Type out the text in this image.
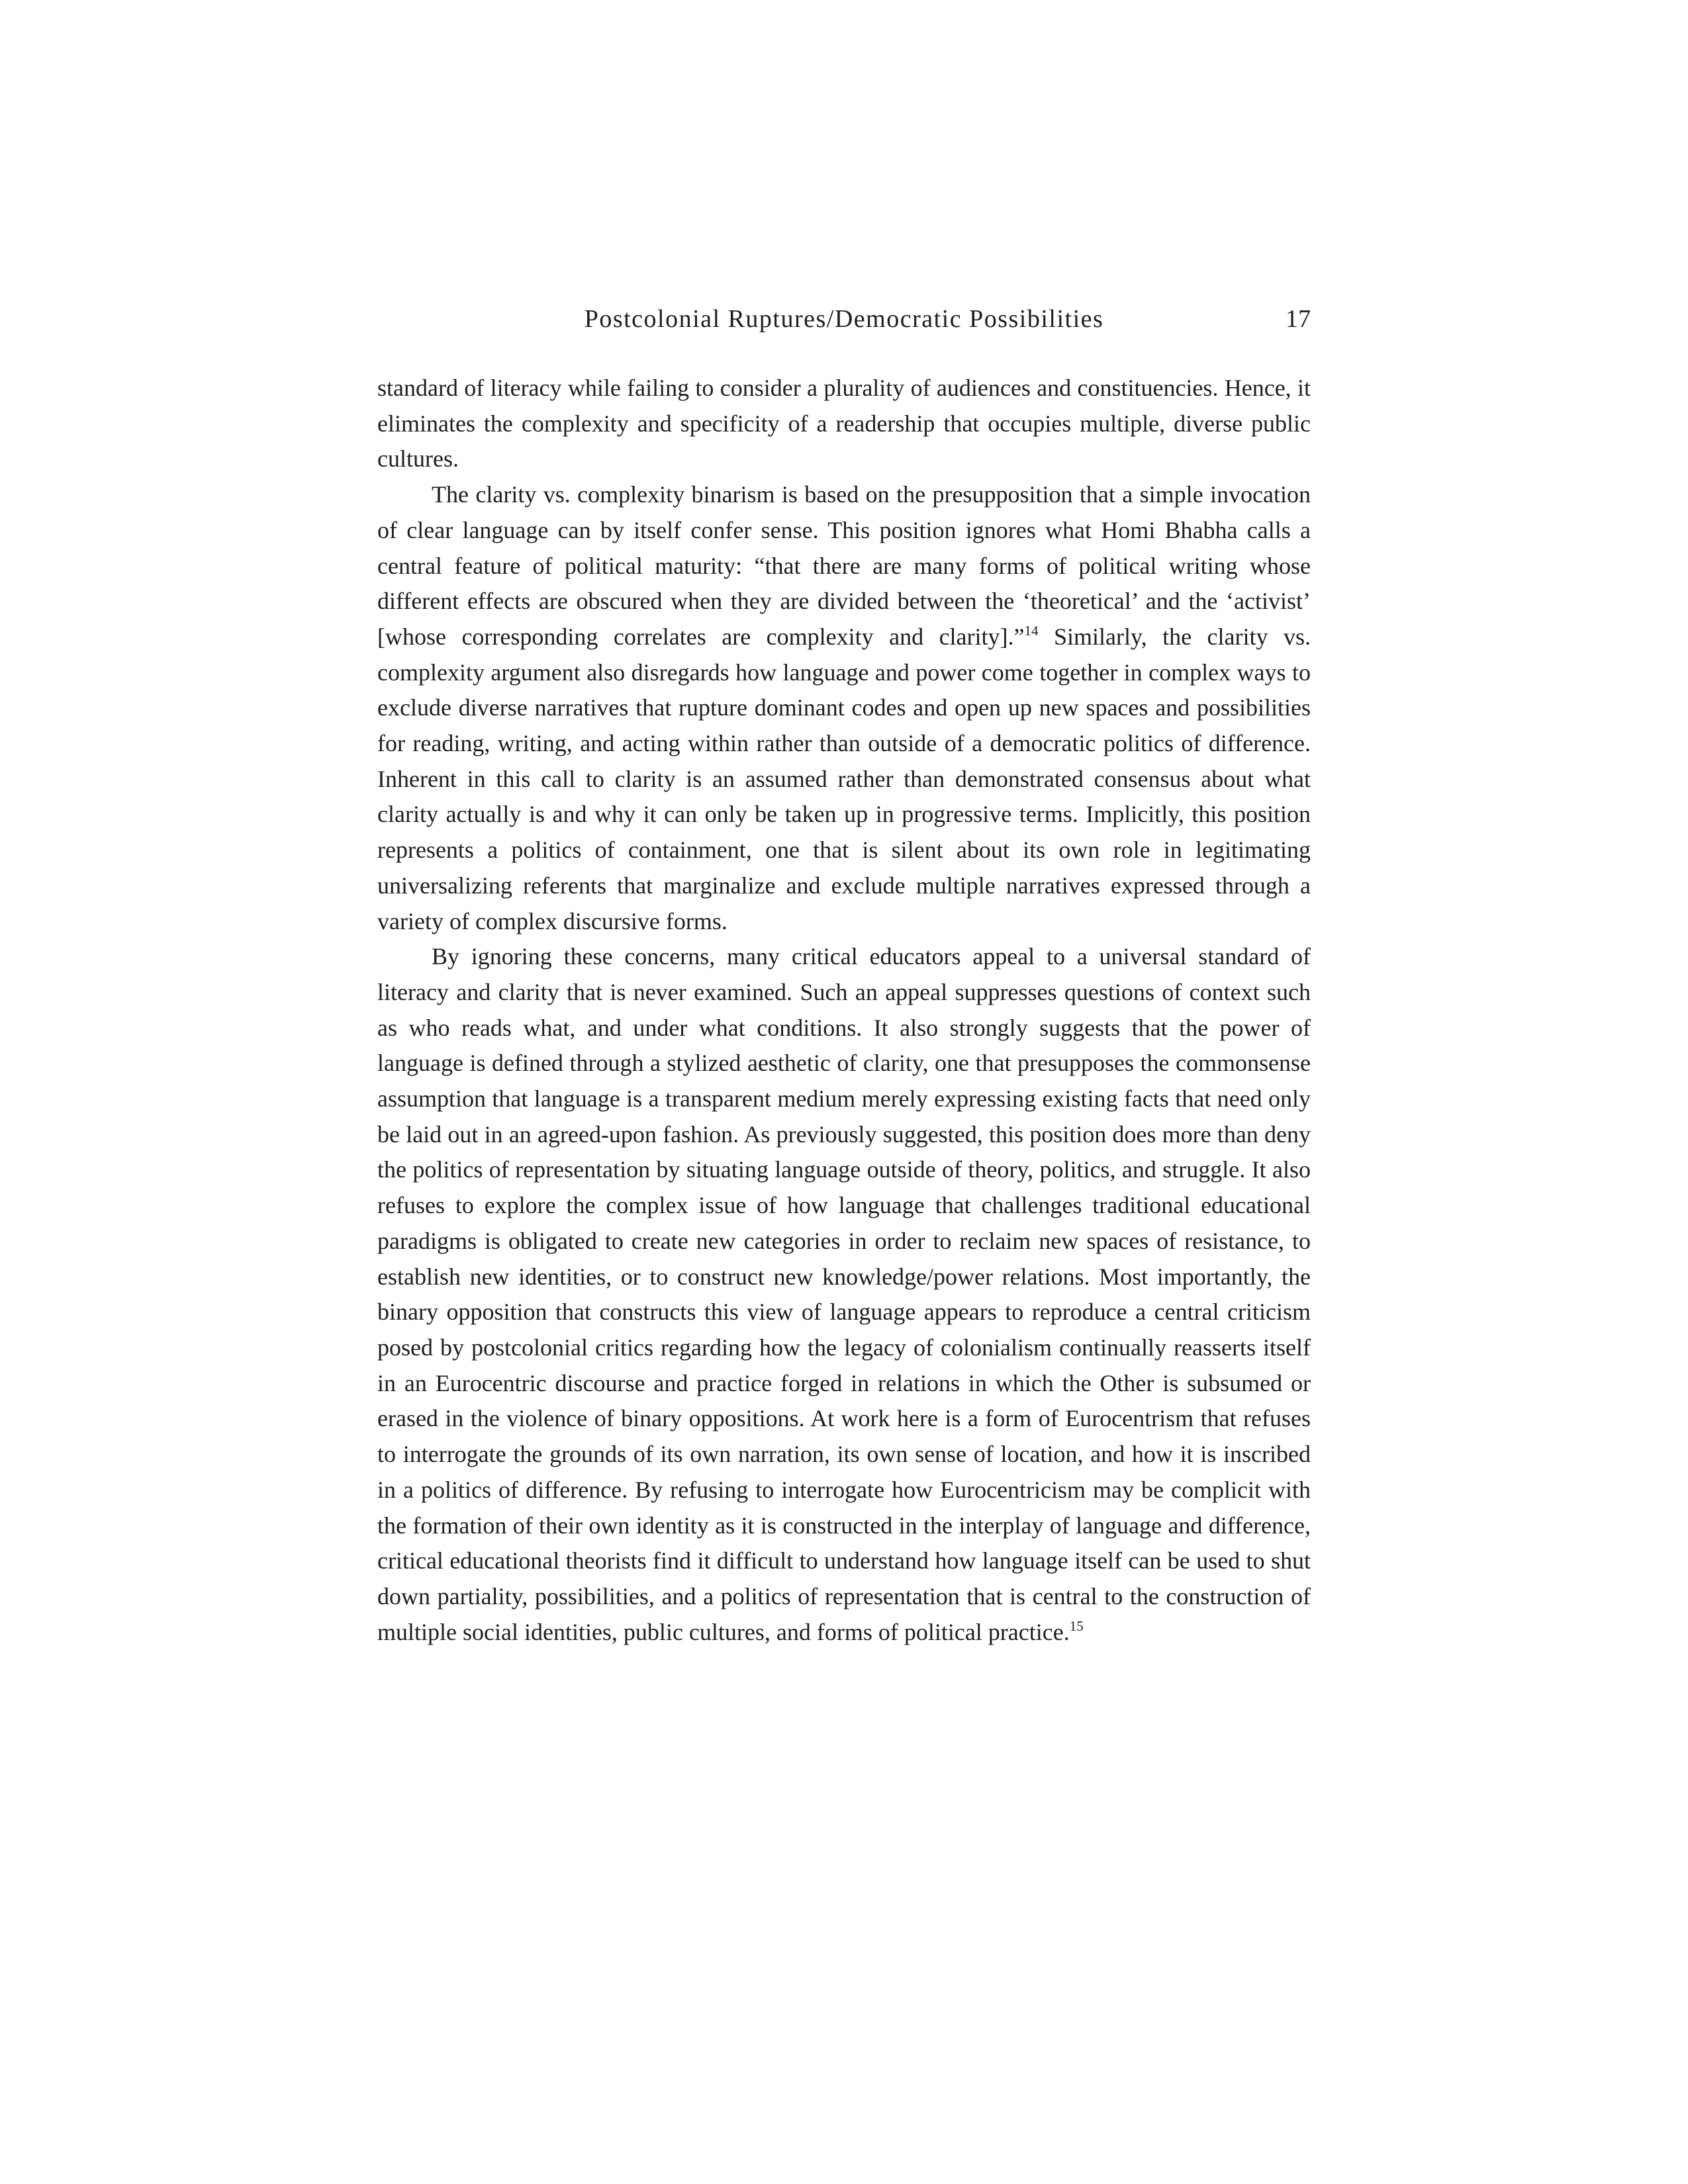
Postcolonial Ruptures/Democratic Possibilities	17

standard of literacy while failing to consider a plurality of audiences and constituencies. Hence, it eliminates the complexity and specificity of a readership that occupies multiple, diverse public cultures.

The clarity vs. complexity binarism is based on the presupposition that a simple invocation of clear language can by itself confer sense. This position ignores what Homi Bhabha calls a central feature of political maturity: “that there are many forms of political writing whose different effects are obscured when they are divided between the ‘theoretical’ and the ‘activist’ [whose corresponding correlates are complexity and clarity].”$^{14}$ Similarly, the clarity vs. complexity argument also disregards how language and power come together in complex ways to exclude diverse narratives that rupture dominant codes and open up new spaces and possibilities for reading, writing, and acting within rather than outside of a democratic politics of difference. Inherent in this call to clarity is an assumed rather than demonstrated consensus about what clarity actually is and why it can only be taken up in progressive terms. Implicitly, this position represents a politics of containment, one that is silent about its own role in legitimating universalizing referents that marginalize and exclude multiple narratives expressed through a variety of complex discursive forms.

By ignoring these concerns, many critical educators appeal to a universal standard of literacy and clarity that is never examined. Such an appeal suppresses questions of context such as who reads what, and under what conditions. It also strongly suggests that the power of language is defined through a stylized aesthetic of clarity, one that presupposes the commonsense assumption that language is a transparent medium merely expressing existing facts that need only be laid out in an agreed-upon fashion. As previously suggested, this position does more than deny the politics of representation by situating language outside of theory, politics, and struggle. It also refuses to explore the complex issue of how language that challenges traditional educational paradigms is obligated to create new categories in order to reclaim new spaces of resistance, to establish new identities, or to construct new knowledge/power relations. Most importantly, the binary opposition that constructs this view of language appears to reproduce a central criticism posed by postcolonial critics regarding how the legacy of colonialism continually reasserts itself in an Eurocentric discourse and practice forged in relations in which the Other is subsumed or erased in the violence of binary oppositions. At work here is a form of Eurocentrism that refuses to interrogate the grounds of its own narration, its own sense of location, and how it is inscribed in a politics of difference. By refusing to interrogate how Eurocentricism may be complicit with the formation of their own identity as it is constructed in the interplay of language and difference, critical educational theorists find it difficult to understand how language itself can be used to shut down partiality, possibilities, and a politics of representation that is central to the construction of multiple social identities, public cultures, and forms of political practice.$^{15}$
